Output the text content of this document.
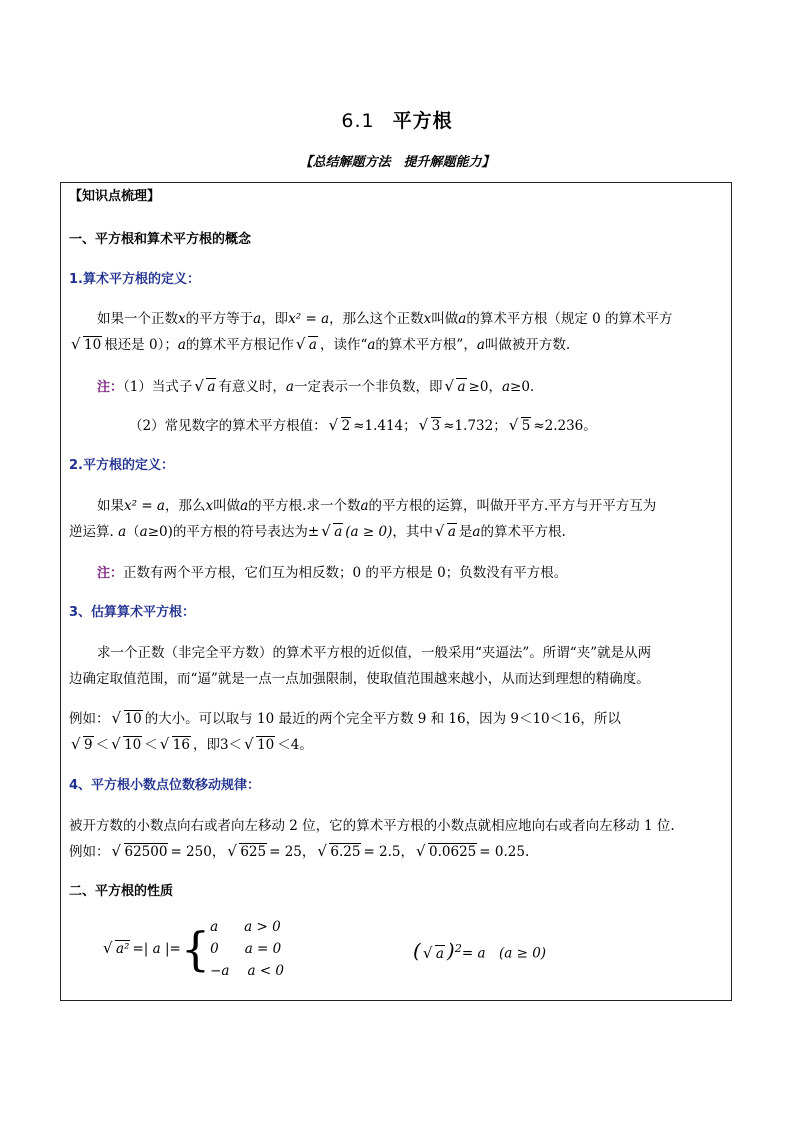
6.1 平方根
【总结解题方法　提升解题能力】
【知识点梳理】
一、平方根和算术平方根的概念
1.算术平方根的定义：
如果一个正数x的平方等于a，即x² = a，那么这个正数x叫做a的算术平方根（规定 0 的算术平方
√ 10 根还是 0）；a的算术平方根记作 √ a ，读作“a的算术平方根”，a叫做被开方数.
注：（1）当式子 √ a 有意义时，a一定表示一个非负数，即 √ a ≥0，a≥0.
（2）常见数字的算术平方根值： √ 2 ≈1.414； √ 3 ≈1.732； √ 5 ≈2.236。
2.平方根的定义：
如果x² = a，那么x叫做a的平方根.求一个数a的平方根的运算，叫做开平方.平方与开平方互为
逆运算. a（a≥0)的平方根的符号表达为± √ a (a ≥ 0)，其中 √ a 是a的算术平方根.
注：正数有两个平方根，它们互为相反数；0 的平方根是 0；负数没有平方根。
3、估算算术平方根：
求一个正数（非完全平方数）的算术平方根的近似值，一般采用“夹逼法”。所谓“夹”就是从两
边确定取值范围，而“逼”就是一点一点加强限制，使取值范围越来越小，从而达到理想的精确度。
例如： √ 10 的大小。可以取与 10 最近的两个完全平方数 9 和 16，因为 9＜10＜16，所以
√ 9 ＜ √ 10 ＜ √ 16 ，即3＜ √ 10 ＜4。
4、平方根小数点位数移动规律：
被开方数的小数点向右或者向左移动 2 位，它的算术平方根的小数点就相应地向右或者向左移动 1 位.
例如： √ 62500 = 250， √ 625 = 25， √ 6.25 = 2.5， √ 0.0625 = 0.25.
二、平方根的性质
√ a² =| a |={ a a > 0
0 a = 0
−a a < 0
( √ a )$^2$= a　(a ≥ 0)
